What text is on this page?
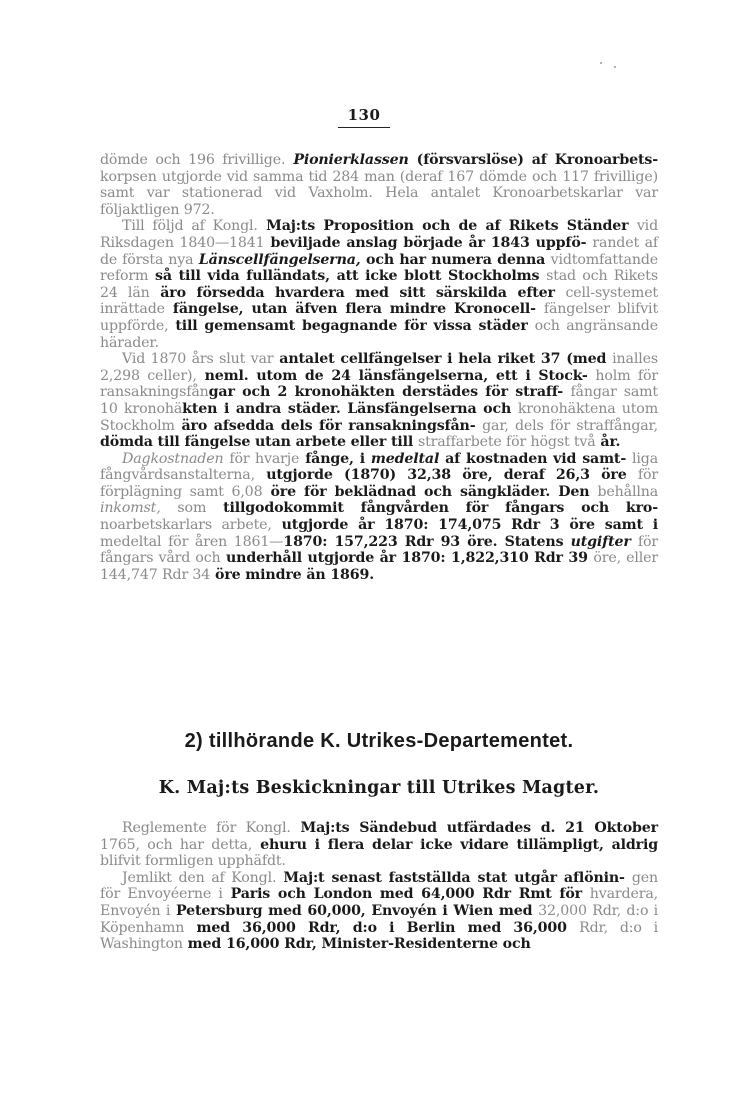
130

dömde och 196 frivillige. Pionierklassen (försvarslöse) af Kronoarbets- korpsen utgjorde vid samma tid 284 man (deraf 167 dömde och 117 frivillige) samt var stationerad vid Vaxholm. Hela antalet Kronoarbetskarlar var följaktligen 972.

Till följd af Kongl. Maj:ts Proposition och de af Rikets Ständer vid Riksdagen 1840—1841 beviljade anslag började år 1843 uppfö- randet af de första nya Länscellfängelserna, och har numera denna vidtomfattande reform så till vida fulländats, att icke blott Stockholms stad och Rikets 24 län äro försedda hvardera med sitt särskilda efter cell-systemet inrättade fängelse, utan äfven flera mindre Kronocell- fängelser blifvit uppförde, till gemensamt begagnande för vissa städer och angränsande härader.

Vid 1870 års slut var antalet cellfängelser i hela riket 37 (med inalles 2,298 celler), neml. utom de 24 länsfängelserna, ett i Stock- holm för ransakningsfångar och 2 kronohäkten derstädes för straff- fångar samt 10 kronohäkten i andra städer. Länsfängelserna och kronohäktena utom Stockholm äro afsedda dels för ransakningsfån- gar, dels för straffångar, dömda till fängelse utan arbete eller till straffarbete för högst två år.

Dagkostnaden för hvarje fånge, i medeltal af kostnaden vid samt- liga fångvårdsanstalterna, utgjorde (1870) 32,38 öre, deraf 26,3 öre för förplägning samt 6,08 öre för beklädnad och sängkläder. Den behållna inkomst, som tillgodokommit fångvården för fångars och kro- noarbetskarlars arbete, utgjorde år 1870: 174,075 Rdr 3 öre samt i medeltal för åren 1861—1870: 157,223 Rdr 93 öre. Statens utgifter för fångars vård och underhåll utgjorde år 1870: 1,822,310 Rdr 39 öre, eller 144,747 Rdr 34 öre mindre än 1869.

2) tillhörande K. Utrikes-Departementet.
K. Maj:ts Beskickningar till Utrikes Magter.

Reglemente för Kongl. Maj:ts Sändebud utfärdades d. 21 Oktober 1765, och har detta, ehuru i flera delar icke vidare tillämpligt, aldrig blifvit formligen upphäfdt.

Jemlikt den af Kongl. Maj:t senast fastställda stat utgår aflönin- gen för Envoyéerne i Paris och London med 64,000 Rdr Rmt för hvardera, Envoyén i Petersburg med 60,000, Envoyén i Wien med 32,000 Rdr, d:o i Köpenhamn med 36,000 Rdr, d:o i Berlin med 36,000 Rdr, d:o i Washington med 16,000 Rdr, Minister-Residenterne och
